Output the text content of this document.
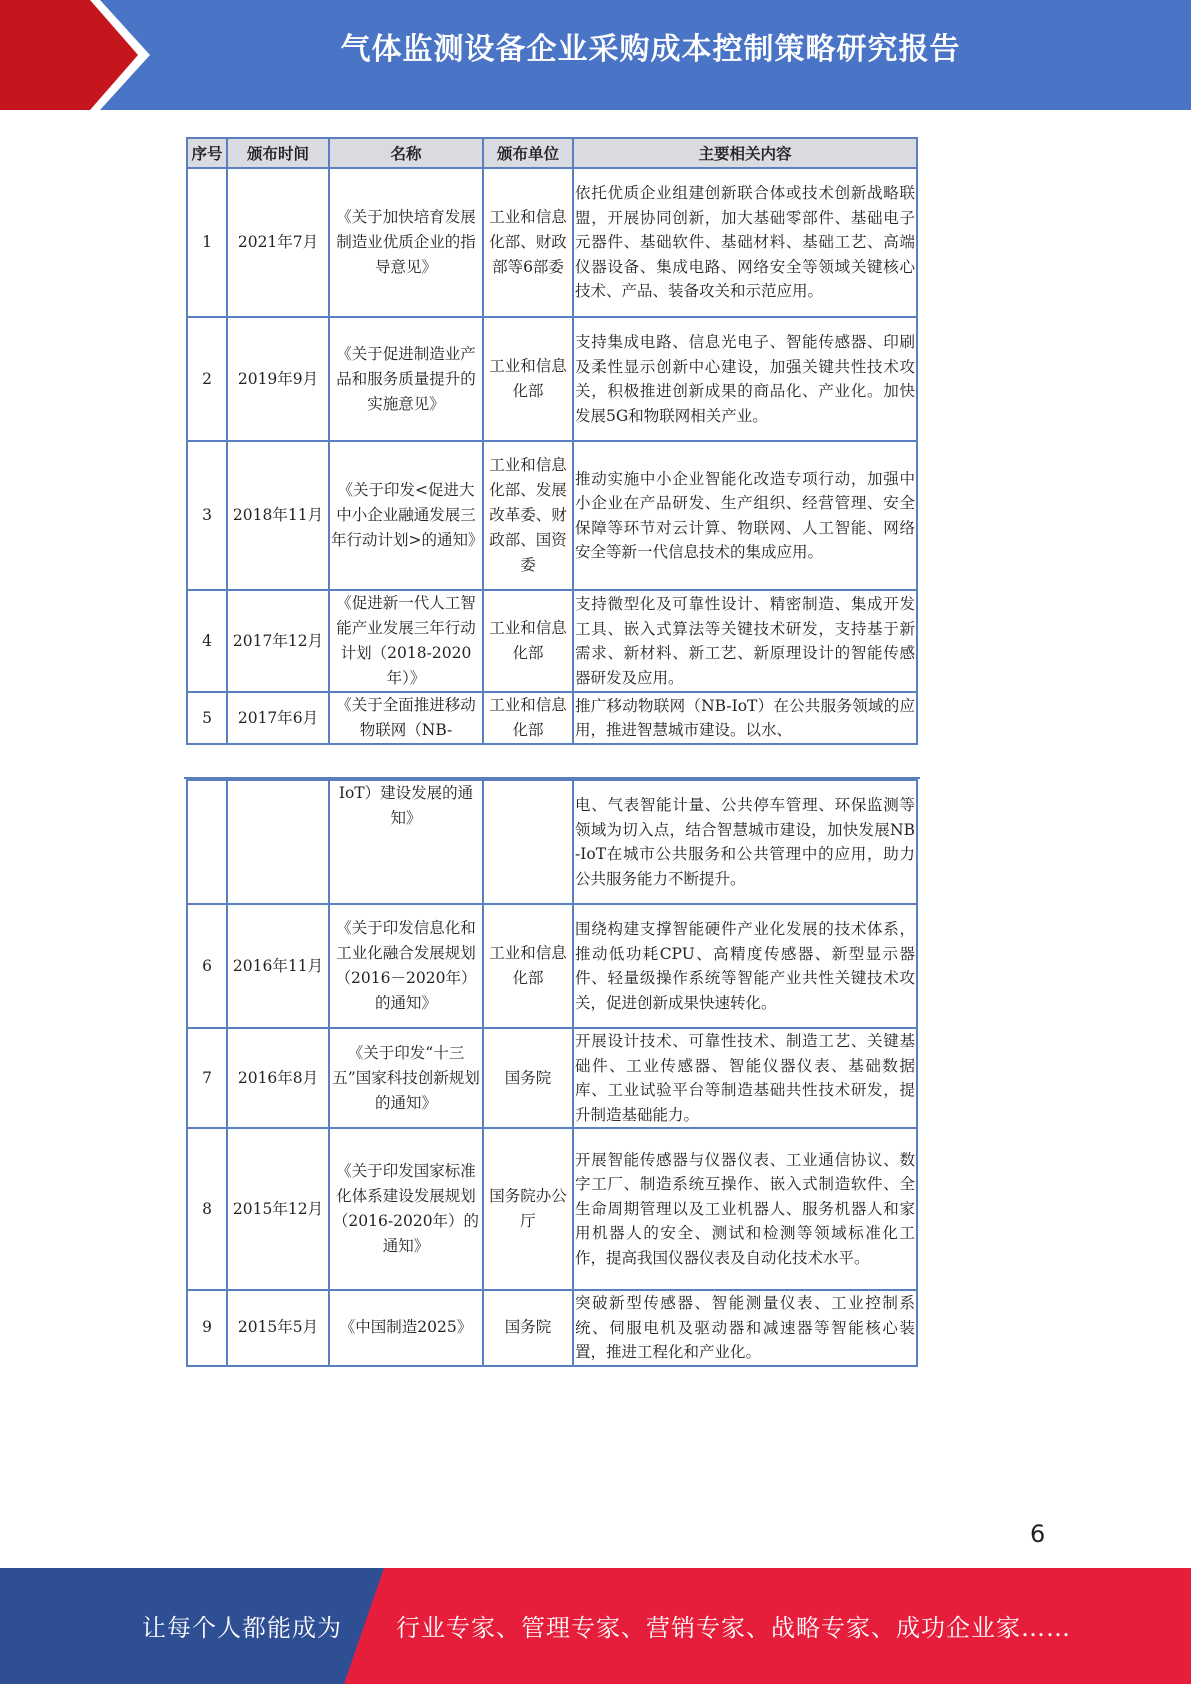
气体监测设备企业采购成本控制策略研究报告
序号	颁布时间	名称	颁布单位	主要相关内容
1	2021年7月	《关于加快培育发展制造业优质企业的指导意见》	工业和信息化部、财政部等6部委	依托优质企业组建创新联合体或技术创新战略联盟，开展协同创新，加大基础零部件、基础电子元器件、基础软件、基础材料、基础工艺、高端仪器设备、集成电路、网络安全等领域关键核心技术、产品、装备攻关和示范应用。
2	2019年9月	《关于促进制造业产品和服务质量提升的实施意见》	工业和信息化部	支持集成电路、信息光电子、智能传感器、印刷及柔性显示创新中心建设，加强关键共性技术攻关，积极推进创新成果的商品化、产业化。加快发展5G和物联网相关产业。
3	2018年11月	《关于印发<促进大中小企业融通发展三年行动计划>的通知》	工业和信息化部、发展改革委、财政部、国资委	推动实施中小企业智能化改造专项行动，加强中小企业在产品研发、生产组织、经营管理、安全保障等环节对云计算、物联网、人工智能、网络安全等新一代信息技术的集成应用。
4	2017年12月	《促进新一代人工智能产业发展三年行动计划（2018-2020年）》	工业和信息化部	支持微型化及可靠性设计、精密制造、集成开发工具、嵌入式算法等关键技术研发，支持基于新需求、新材料、新工艺、新原理设计的智能传感器研发及应用。
5	2017年6月	《关于全面推进移动物联网（NB-	工业和信息化部	推广移动物联网（NB-IoT）在公共服务领域的应用，推进智慧城市建设。以水、
		IoT）建设发展的通知》		电、气表智能计量、公共停车管理、环保监测等领域为切入点，结合智慧城市建设，加快发展NB-IoT在城市公共服务和公共管理中的应用，助力公共服务能力不断提升。
6	2016年11月	《关于印发信息化和工业化融合发展规划（2016－2020年）的通知》	工业和信息化部	围绕构建支撑智能硬件产业化发展的技术体系，推动低功耗CPU、高精度传感器、新型显示器件、轻量级操作系统等智能产业共性关键技术攻关，促进创新成果快速转化。
7	2016年8月	《关于印发“十三五”国家科技创新规划的通知》	国务院	开展设计技术、可靠性技术、制造工艺、关键基础件、工业传感器、智能仪器仪表、基础数据库、工业试验平台等制造基础共性技术研发，提升制造基础能力。
8	2015年12月	《关于印发国家标准化体系建设发展规划（2016-2020年）的通知》	国务院办公厅	开展智能传感器与仪器仪表、工业通信协议、数字工厂、制造系统互操作、嵌入式制造软件、全生命周期管理以及工业机器人、服务机器人和家用机器人的安全、测试和检测等领域标准化工作，提高我国仪器仪表及自动化技术水平。
9	2015年5月	《中国制造2025》	国务院	突破新型传感器、智能测量仪表、工业控制系统、伺服电机及驱动器和减速器等智能核心装置，推进工程化和产业化。
6
让每个人都能成为 行业专家、管理专家、营销专家、战略专家、成功企业家……
